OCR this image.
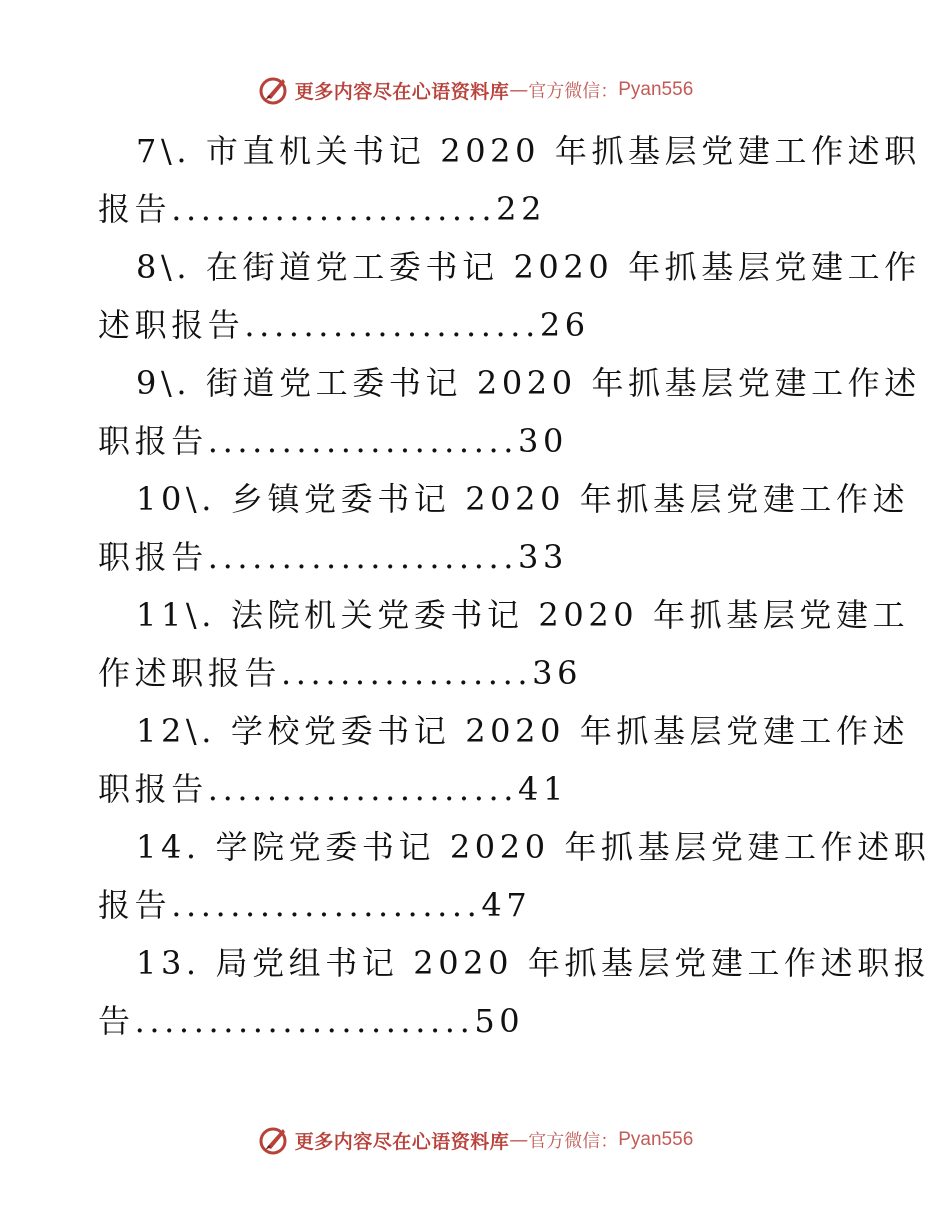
更多内容尽在心语资料库 — 官方微信： Pyan556
7\. 市直机关书记 2020 年抓基层党建工作述职
报告......................22
8\. 在街道党工委书记 2020 年抓基层党建工作
述职报告....................26
9\. 街道党工委书记 2020 年抓基层党建工作述
职报告.....................30
10\. 乡镇党委书记 2020 年抓基层党建工作述
职报告.....................33
11\. 法院机关党委书记 2020 年抓基层党建工
作述职报告.................36
12\. 学校党委书记 2020 年抓基层党建工作述
职报告.....................41
14. 学院党委书记 2020 年抓基层党建工作述职
报告.....................47
13. 局党组书记 2020 年抓基层党建工作述职报
告.......................50
更多内容尽在心语资料库 — 官方微信： Pyan556
